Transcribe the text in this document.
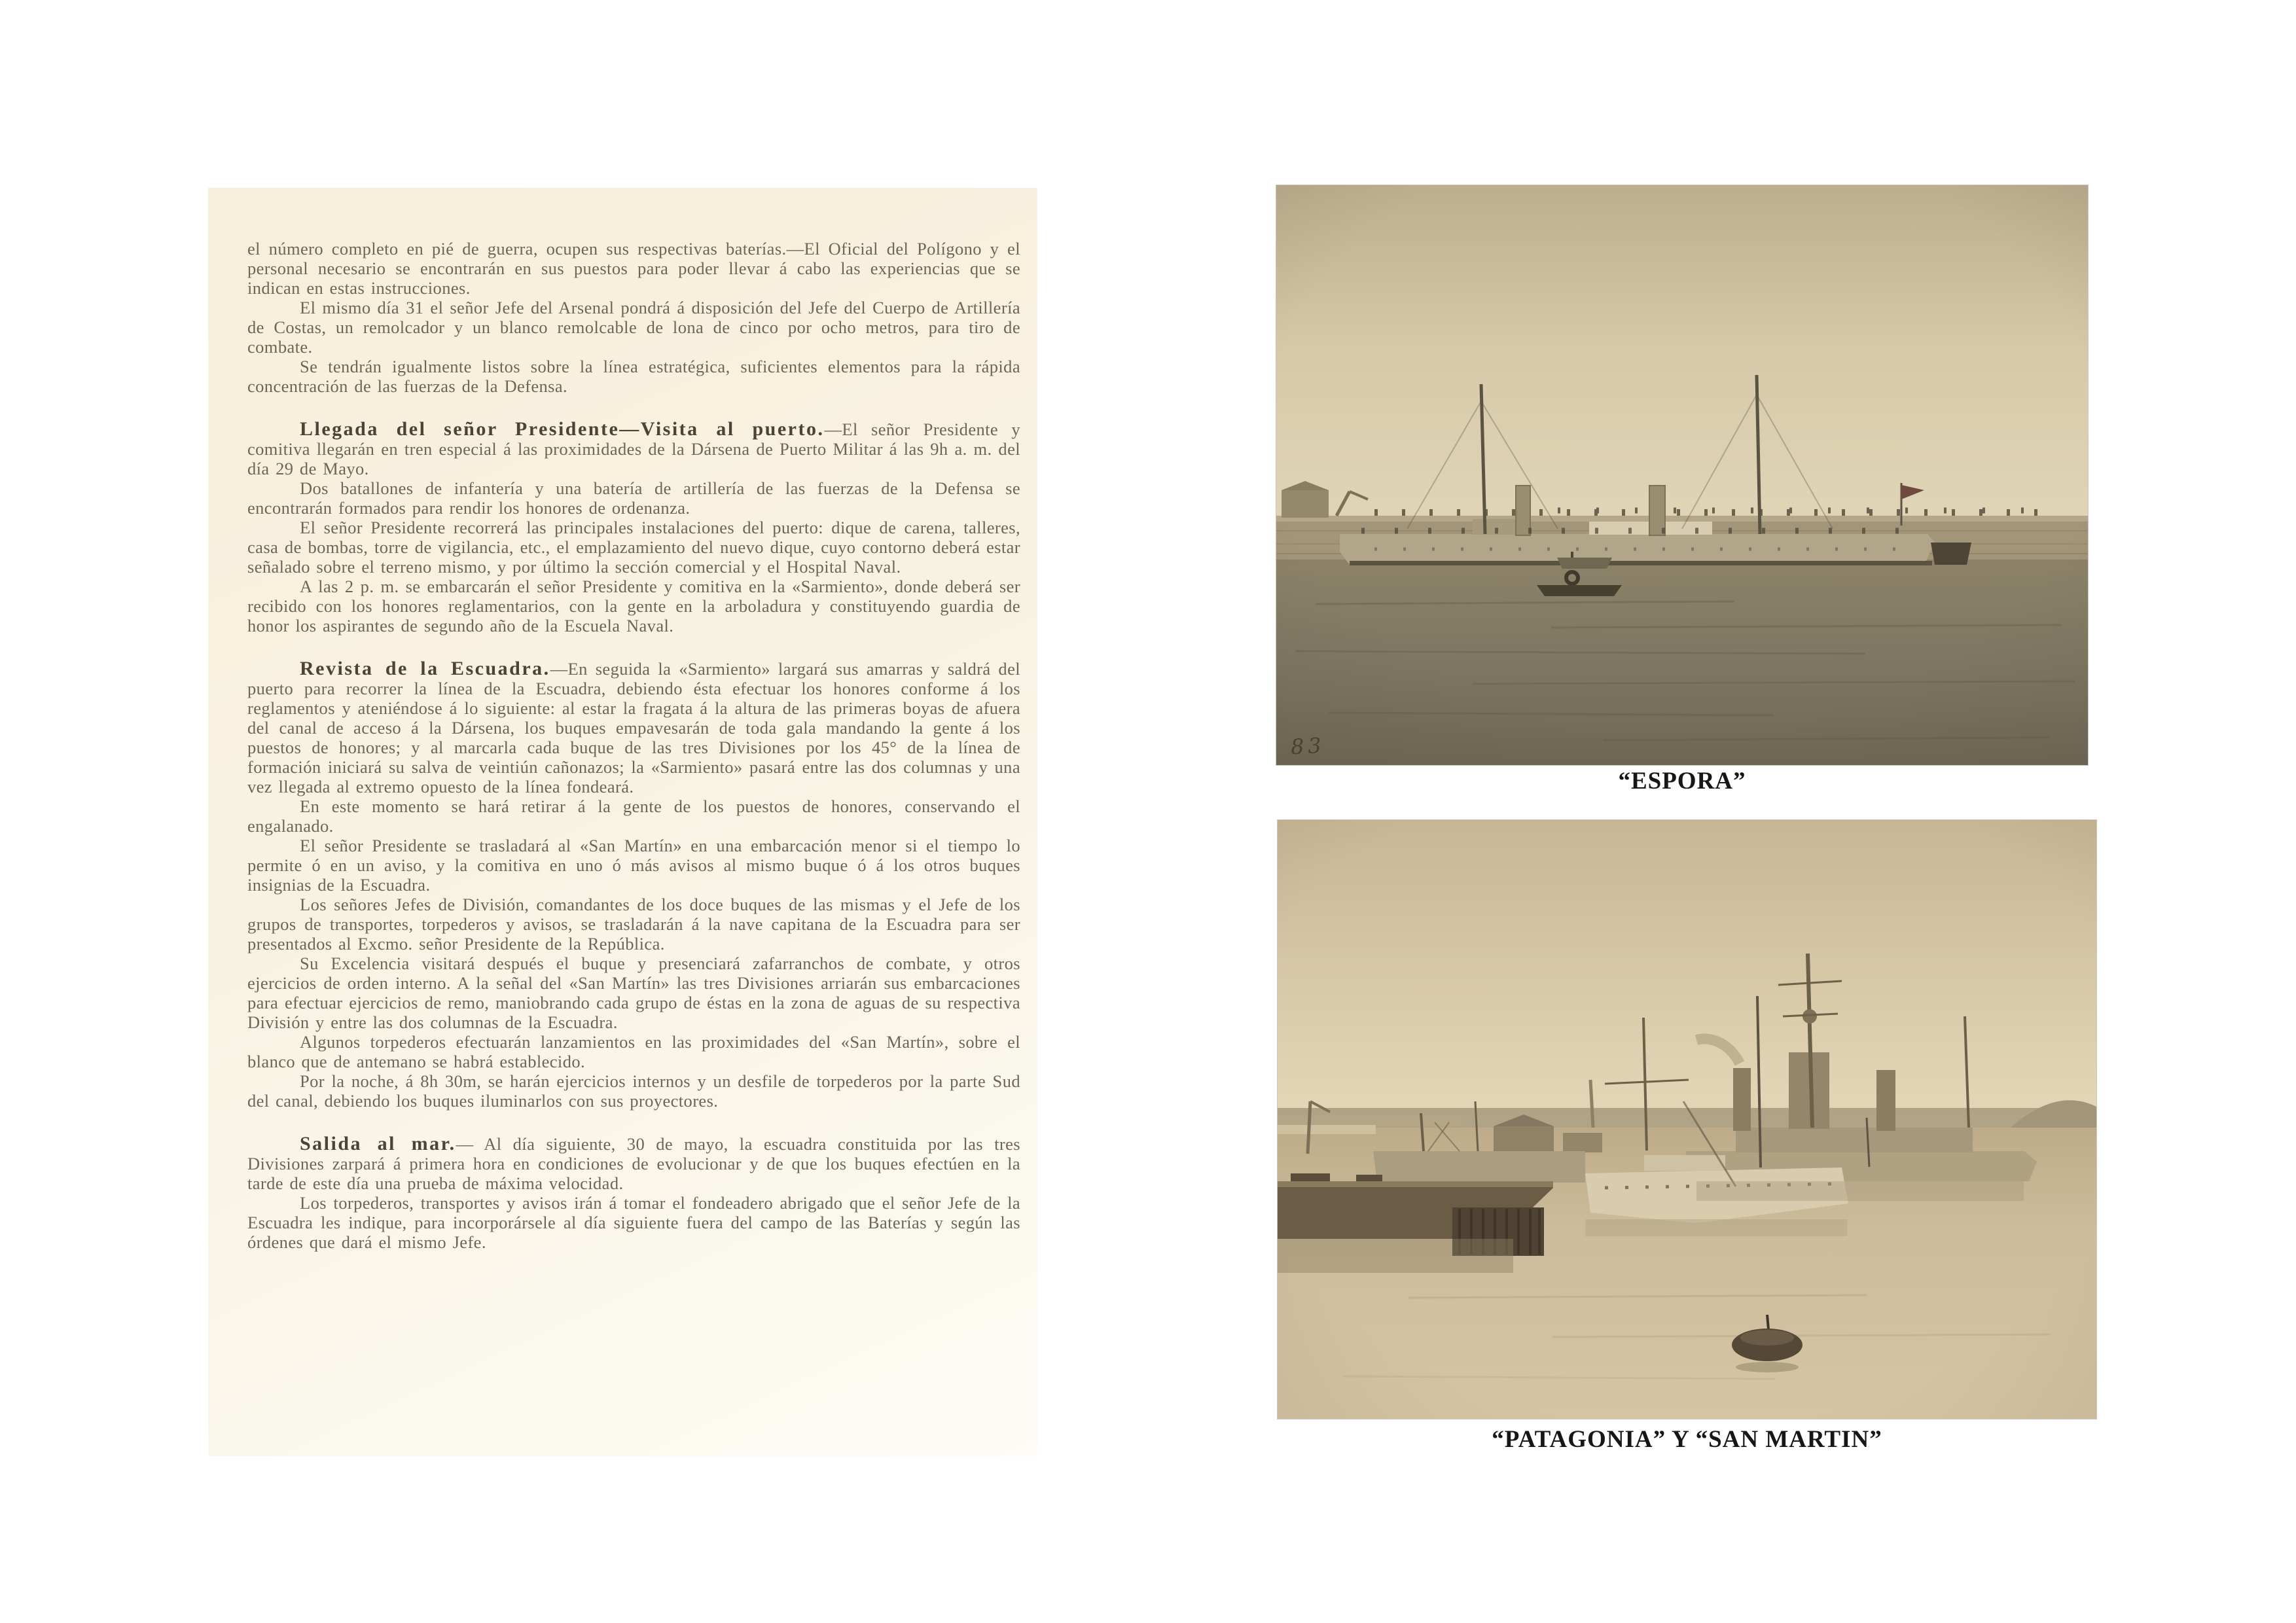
el número completo en pié de guerra, ocupen sus respectivas baterías.—El Oficial del Polígono y el personal necesario se encontrarán en sus puestos para poder llevar á cabo las experiencias que se indican en estas instrucciones.

El mismo día 31 el señor Jefe del Arsenal pondrá á disposición del Jefe del Cuerpo de Artillería de Costas, un remolcador y un blanco remolcable de lona de cinco por ocho metros, para tiro de combate.

Se tendrán igualmente listos sobre la línea estratégica, suficientes elementos para la rápida concentración de las fuerzas de la Defensa.

Llegada del señor Presidente—Visita al puerto.—El señor Presidente y comitiva llegarán en tren especial á las proximidades de la Dársena de Puerto Militar á las 9h a. m. del día 29 de Mayo.

Dos batallones de infantería y una batería de artillería de las fuerzas de la Defensa se encontrarán formados para rendir los honores de ordenanza.

El señor Presidente recorrerá las principales instalaciones del puerto: dique de carena, talleres, casa de bombas, torre de vigilancia, etc., el emplazamiento del nuevo dique, cuyo contorno deberá estar señalado sobre el terreno mismo, y por último la sección comercial y el Hospital Naval.

A las 2 p. m. se embarcarán el señor Presidente y comitiva en la «Sarmiento», donde deberá ser recibido con los honores reglamentarios, con la gente en la arboladura y constituyendo guardia de honor los aspirantes de segundo año de la Escuela Naval.

Revista de la Escuadra.—En seguida la «Sarmiento» largará sus amarras y saldrá del puerto para recorrer la línea de la Escuadra, debiendo ésta efectuar los honores conforme á los reglamentos y ateniéndose á lo siguiente: al estar la fragata á la altura de las primeras boyas de afuera del canal de acceso á la Dársena, los buques empavesarán de toda gala mandando la gente á los puestos de honores; y al marcarla cada buque de las tres Divisiones por los 45° de la línea de formación iniciará su salva de veintiún cañonazos; la «Sarmiento» pasará entre las dos columnas y una vez llegada al extremo opuesto de la línea fondeará.

En este momento se hará retirar á la gente de los puestos de honores, conservando el engalanado.

El señor Presidente se trasladará al «San Martín» en una embarcación menor si el tiempo lo permite ó en un aviso, y la comitiva en uno ó más avisos al mismo buque ó á los otros buques insignias de la Escuadra.

Los señores Jefes de División, comandantes de los doce buques de las mismas y el Jefe de los grupos de transportes, torpederos y avisos, se trasladarán á la nave capitana de la Escuadra para ser presentados al Excmo. señor Presidente de la República.

Su Excelencia visitará después el buque y presenciará zafarranchos de combate, y otros ejercicios de orden interno. A la señal del «San Martín» las tres Divisiones arriarán sus embarcaciones para efectuar ejercicios de remo, maniobrando cada grupo de éstas en la zona de aguas de su respectiva División y entre las dos columnas de la Escuadra.

Algunos torpederos efectuarán lanzamientos en las proximidades del «San Martín», sobre el blanco que de antemano se habrá establecido.

Por la noche, á 8h 30m, se harán ejercicios internos y un desfile de torpederos por la parte Sud del canal, debiendo los buques iluminarlos con sus proyectores.

Salida al mar.— Al día siguiente, 30 de mayo, la escuadra constituida por las tres Divisiones zarpará á primera hora en condiciones de evolucionar y de que los buques efectúen en la tarde de este día una prueba de máxima velocidad.

Los torpederos, transportes y avisos irán á tomar el fondeadero abrigado que el señor Jefe de la Escuadra les indique, para incorporársele al día siguiente fuera del campo de las Baterías y según las órdenes que dará el mismo Jefe.

83
“ESPORA”
“PATAGONIA” Y “SAN MARTIN”
